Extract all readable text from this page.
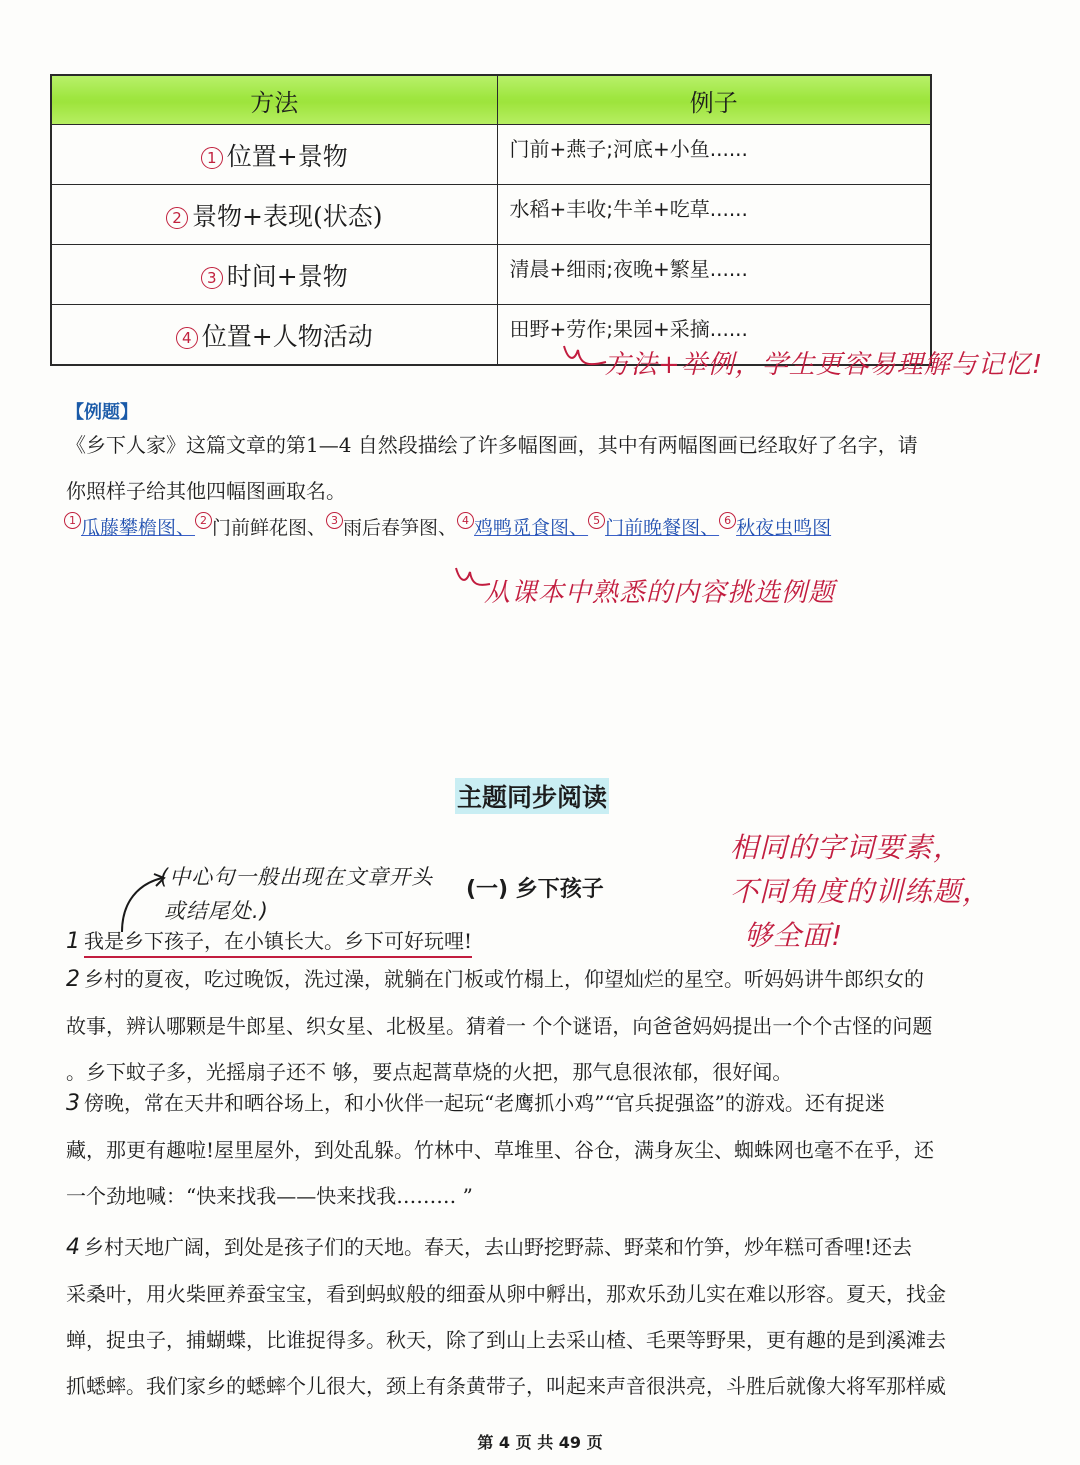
方法	例子
1 位置+景物	门前+燕子;河底+小鱼......
2 景物+表现(状态)	水稻+丰收;牛羊+吃草......
3 时间+景物	清晨+细雨;夜晚+繁星......
4 位置+人物活动	田野+劳作;果园+采摘......
方法+举例，学生更容易理解与记忆!
【例题】
《乡下人家》这篇文章的第1—4 自然段描绘了许多幅图画，其中有两幅图画已经取好了名字，请
你照样子给其他四幅图画取名。
1 瓜藤攀檐图、 2 门前鲜花图、 3 雨后春笋图、 4 鸡鸭觅食图、 5 门前晚餐图、 6 秋夜虫鸣图
从课本中熟悉的内容挑选例题
主题同步阅读
相同的字词要素，
不同角度的训练题，
够全面!
(中心句一般出现在文章开头
或结尾处.)
(一) 乡下孩子
1 我是乡下孩子，在小镇长大。乡下可好玩哩!
2 乡村的夏夜，吃过晚饭，洗过澡，就躺在门板或竹榻上，仰望灿烂的星空。听妈妈讲牛郎织女的
故事，辨认哪颗是牛郎星、织女星、北极星。猜着一 个个谜语，向爸爸妈妈提出一个个古怪的问题
。乡下蚊子多，光摇扇子还不 够，要点起蒿草烧的火把，那气息很浓郁，很好闻。
3 傍晚，常在天井和晒谷场上，和小伙伴一起玩“老鹰抓小鸡”“官兵捉强盗”的游戏。还有捉迷
藏，那更有趣啦!屋里屋外，到处乱躲。竹林中、草堆里、谷仓，满身灰尘、蜘蛛网也毫不在乎，还
一个劲地喊：“快来找我——快来找我……… ”
4 乡村天地广阔，到处是孩子们的天地。春天，去山野挖野蒜、野菜和竹笋，炒年糕可香哩!还去
采桑叶，用火柴匣养蚕宝宝，看到蚂蚁般的细蚕从卵中孵出，那欢乐劲儿实在难以形容。夏天，找金
蝉，捉虫子，捕蝴蝶，比谁捉得多。秋天，除了到山上去采山楂、毛栗等野果，更有趣的是到溪滩去
抓蟋蟀。我们家乡的蟋蟀个儿很大，颈上有条黄带子，叫起来声音很洪亮，斗胜后就像大将军那样威
第 4 页 共 49 页
